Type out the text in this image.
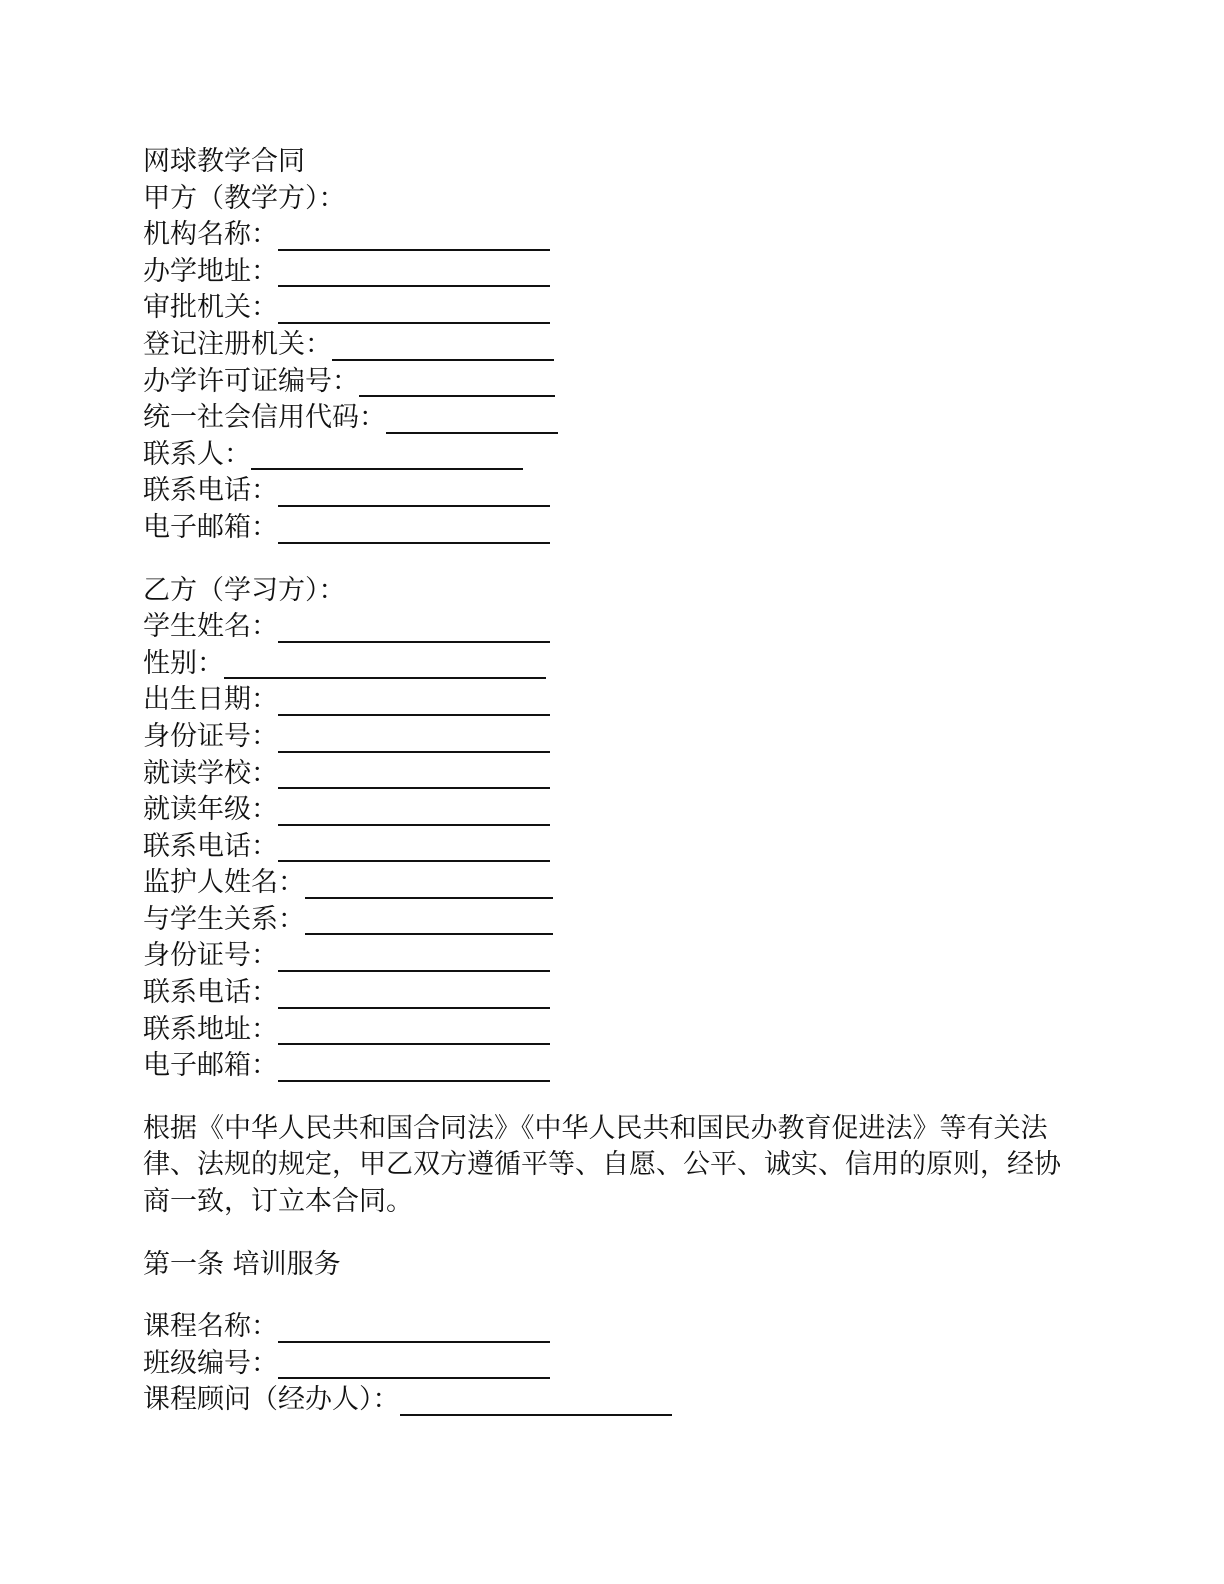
网球教学合同
甲方（教学方）：
机构名称：
办学地址：
审批机关：
登记注册机关：
办学许可证编号：
统一社会信用代码：
联系人：
联系电话：
电子邮箱：
乙方（学习方）：
学生姓名：
性别：
出生日期：
身份证号：
就读学校：
就读年级：
联系电话：
监护人姓名：
与学生关系：
身份证号：
联系电话：
联系地址：
电子邮箱：
根据《中华人民共和国合同法》《中华人民共和国民办教育促进法》等有关法律、法规的规定，甲乙双方遵循平等、自愿、公平、诚实、信用的原则，经协商一致，订立本合同。
第一条 培训服务
课程名称：
班级编号：
课程顾问（经办人）：
